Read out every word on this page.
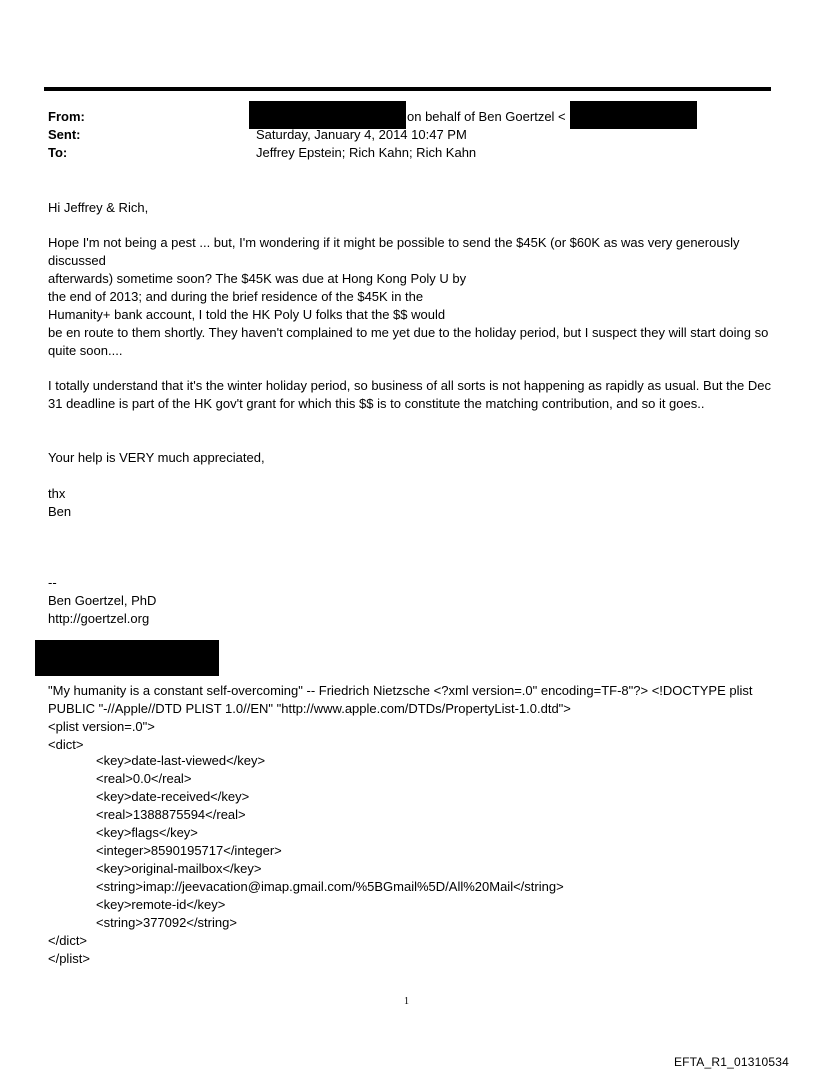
From:
Sent:
To:
on behalf of Ben Goertzel <
Saturday, January 4, 2014 10:47 PM
Jeffrey Epstein; Rich Kahn; Rich Kahn
Hi Jeffrey & Rich,
Hope I'm not being a pest ... but, I'm wondering if it might be possible to send the $45K (or $60K as was very generously discussed
afterwards) sometime soon? The $45K was due at Hong Kong Poly U by
the end of 2013; and during the brief residence of the $45K in the
Humanity+ bank account, I told the HK Poly U folks that the $$ would
be en route to them shortly. They haven't complained to me yet due to the holiday period, but I suspect they will start doing so quite soon....
I totally understand that it's the winter holiday period, so business of all sorts is not happening as rapidly as usual. But the Dec 31 deadline is part of the HK gov't grant for which this $$ is to constitute the matching contribution, and so it goes..
Your help is VERY much appreciated,
thx
Ben
--
Ben Goertzel, PhD
http://goertzel.org
"My humanity is a constant self-overcoming" -- Friedrich Nietzsche <?xml version=.0" encoding=TF-8"?> <!DOCTYPE plist PUBLIC "-//Apple//DTD PLIST 1.0//EN" "http://www.apple.com/DTDs/PropertyList-1.0.dtd">
<plist version=.0">
<dict>
<key>date-last-viewed</key>
<real>0.0</real>
<key>date-received</key>
<real>1388875594</real>
<key>flags</key>
<integer>8590195717</integer>
<key>original-mailbox</key>
<string>imap://jeevacation@imap.gmail.com/%5BGmail%5D/All%20Mail</string>
<key>remote-id</key>
<string>377092</string>
</dict>
</plist>
1
EFTA_R1_01310534
